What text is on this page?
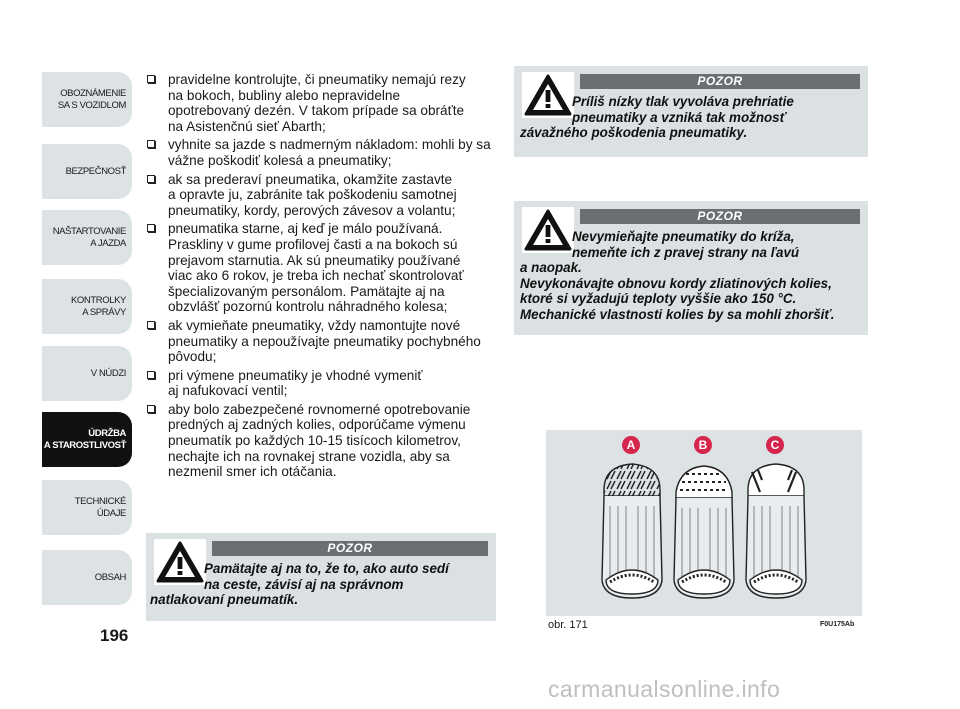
OBOZNÁMENIE
SA S VOZIDLOM
BEZPEČNOSŤ
NAŠTARTOVANIE
A JAZDA
KONTROLKY
A SPRÁVY
V NÚDZI
ÚDRŽBA
A STAROSTLIVOSŤ
TECHNICKÉ
ÚDAJE
OBSAH
196
pravidelne kontrolujte, či pneumatiky nemajú rezy
na bokoch, bubliny alebo nepravidelne
opotrebovaný dezén. V takom prípade sa obráťte
na Asistenčnú sieť Abarth;
vyhnite sa jazde s nadmerným nákladom: mohli by sa
vážne poškodiť kolesá a pneumatiky;
ak sa prederaví pneumatika, okamžite zastavte
a opravte ju, zabránite tak poškodeniu samotnej
pneumatiky, kordy, perových závesov a volantu;
pneumatika starne, aj keď je málo používaná.
Praskliny v gume profilovej časti a na bokoch sú
prejavom starnutia. Ak sú pneumatiky používané
viac ako 6 rokov, je treba ich nechať skontrolovať
špecializovaným personálom. Pamätajte aj na
obzvlášť pozornú kontrolu náhradného kolesa;
ak vymieňate pneumatiky, vždy namontujte nové
pneumatiky a nepoužívajte pneumatiky pochybného
pôvodu;
pri výmene pneumatiky je vhodné vymeniť
aj nafukovací ventil;
aby bolo zabezpečené rovnomerné opotrebovanie
predných aj zadných kolies, odporúčame výmenu
pneumatík po každých 10-15 tisícoch kilometrov,
nechajte ich na rovnakej strane vozidla, aby sa
nezmenil smer ich otáčania.
POZOR
Pamätajte aj na to, že to, ako auto sedí
na ceste, závisí aj na správnom
natlakovaní pneumatík.
POZOR
Príliš nízky tlak vyvoláva prehriatie
pneumatiky a vzniká tak možnosť
závažného poškodenia pneumatiky.
POZOR
Nevymieňajte pneumatiky do kríža,
nemeňte ich z pravej strany na ľavú
a naopak.
Nevykonávajte obnovu kordy zliatinových kolies,
ktoré si vyžadujú teploty vyššie ako 150 °C.
Mechanické vlastnosti kolies by sa mohli zhoršiť.
A	B	C
obr. 171	F0U175Ab
carmanualsonline.info
